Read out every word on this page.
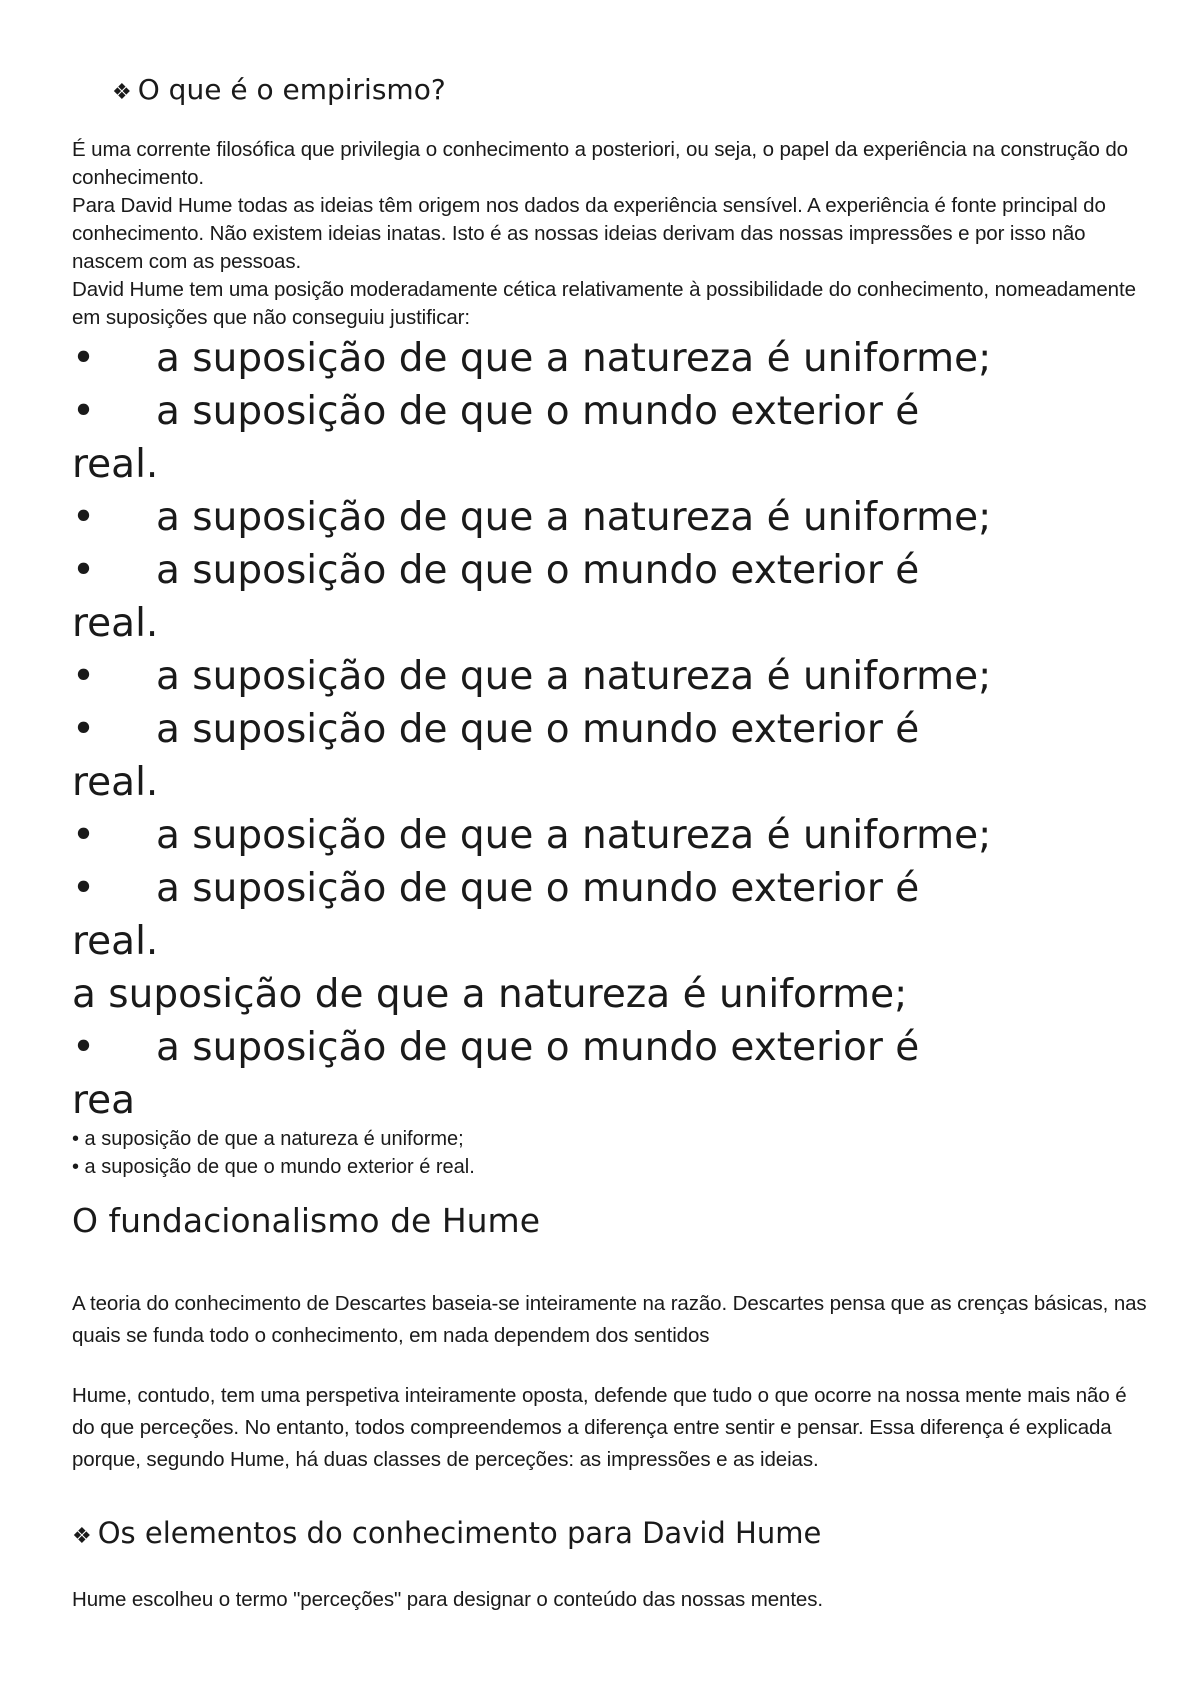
❖ O que é o empirismo?
É uma corrente filosófica que privilegia o conhecimento a posteriori, ou seja, o papel da experiência na construção do conhecimento.
Para David Hume todas as ideias têm origem nos dados da experiência sensível. A experiência é fonte principal do conhecimento. Não existem ideias inatas. Isto é as nossas ideias derivam das nossas impressões e por isso não nascem com as pessoas.
David Hume tem uma posição moderadamente cética relativamente à possibilidade do conhecimento, nomeadamente em suposições que não conseguiu justificar:
• a suposição de que a natureza é uniforme;
• a suposição de que o mundo exterior é
real.
• a suposição de que a natureza é uniforme;
• a suposição de que o mundo exterior é
real.
• a suposição de que a natureza é uniforme;
• a suposição de que o mundo exterior é
real.
• a suposição de que a natureza é uniforme;
• a suposição de que o mundo exterior é
real.
a suposição de que a natureza é uniforme;
• a suposição de que o mundo exterior é
rea
• a suposição de que a natureza é uniforme;
• a suposição de que o mundo exterior é real.
O fundacionalismo de Hume
A teoria do conhecimento de Descartes baseia-se inteiramente na razão. Descartes pensa que as crenças básicas, nas quais se funda todo o conhecimento, em nada dependem dos sentidos
Hume, contudo, tem uma perspetiva inteiramente oposta, defende que tudo o que ocorre na nossa mente mais não é do que perceções. No entanto, todos compreendemos a diferença entre sentir e pensar. Essa diferença é explicada porque, segundo Hume, há duas classes de perceções: as impressões e as ideias.
❖ Os elementos do conhecimento para David Hume
Hume escolheu o termo "perceções" para designar o conteúdo das nossas mentes.
